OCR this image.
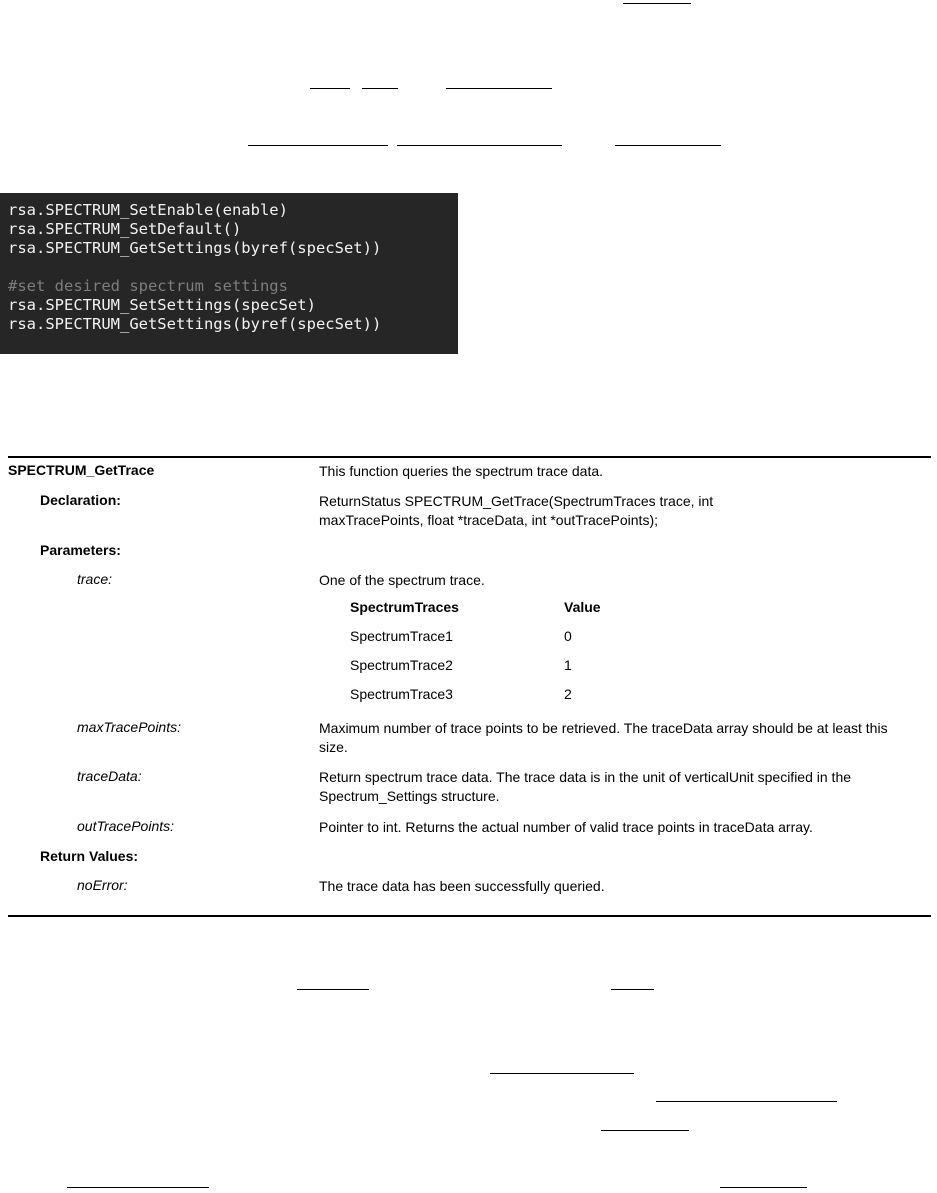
rsa.SPECTRUM_SetEnable(enable)
rsa.SPECTRUM_SetDefault()
rsa.SPECTRUM_GetSettings(byref(specSet))
#set desired spectrum settings
rsa.SPECTRUM_SetSettings(specSet)
rsa.SPECTRUM_GetSettings(byref(specSet))
SPECTRUM_GetTrace	This function queries the spectrum trace data.
Declaration:	ReturnStatus SPECTRUM_GetTrace(SpectrumTraces trace, int maxTracePoints, float *traceData, int *outTracePoints);
Parameters:
trace:	One of the spectrum trace.
SpectrumTraces	Value
SpectrumTrace1	0
SpectrumTrace2	1
SpectrumTrace3	2
maxTracePoints:	Maximum number of trace points to be retrieved. The traceData array should be at least this size.
traceData:	Return spectrum trace data. The trace data is in the unit of verticalUnit specified in the Spectrum_Settings structure.
outTracePoints:	Pointer to int. Returns the actual number of valid trace points in traceData array.
Return Values:
noError:	The trace data has been successfully queried.
